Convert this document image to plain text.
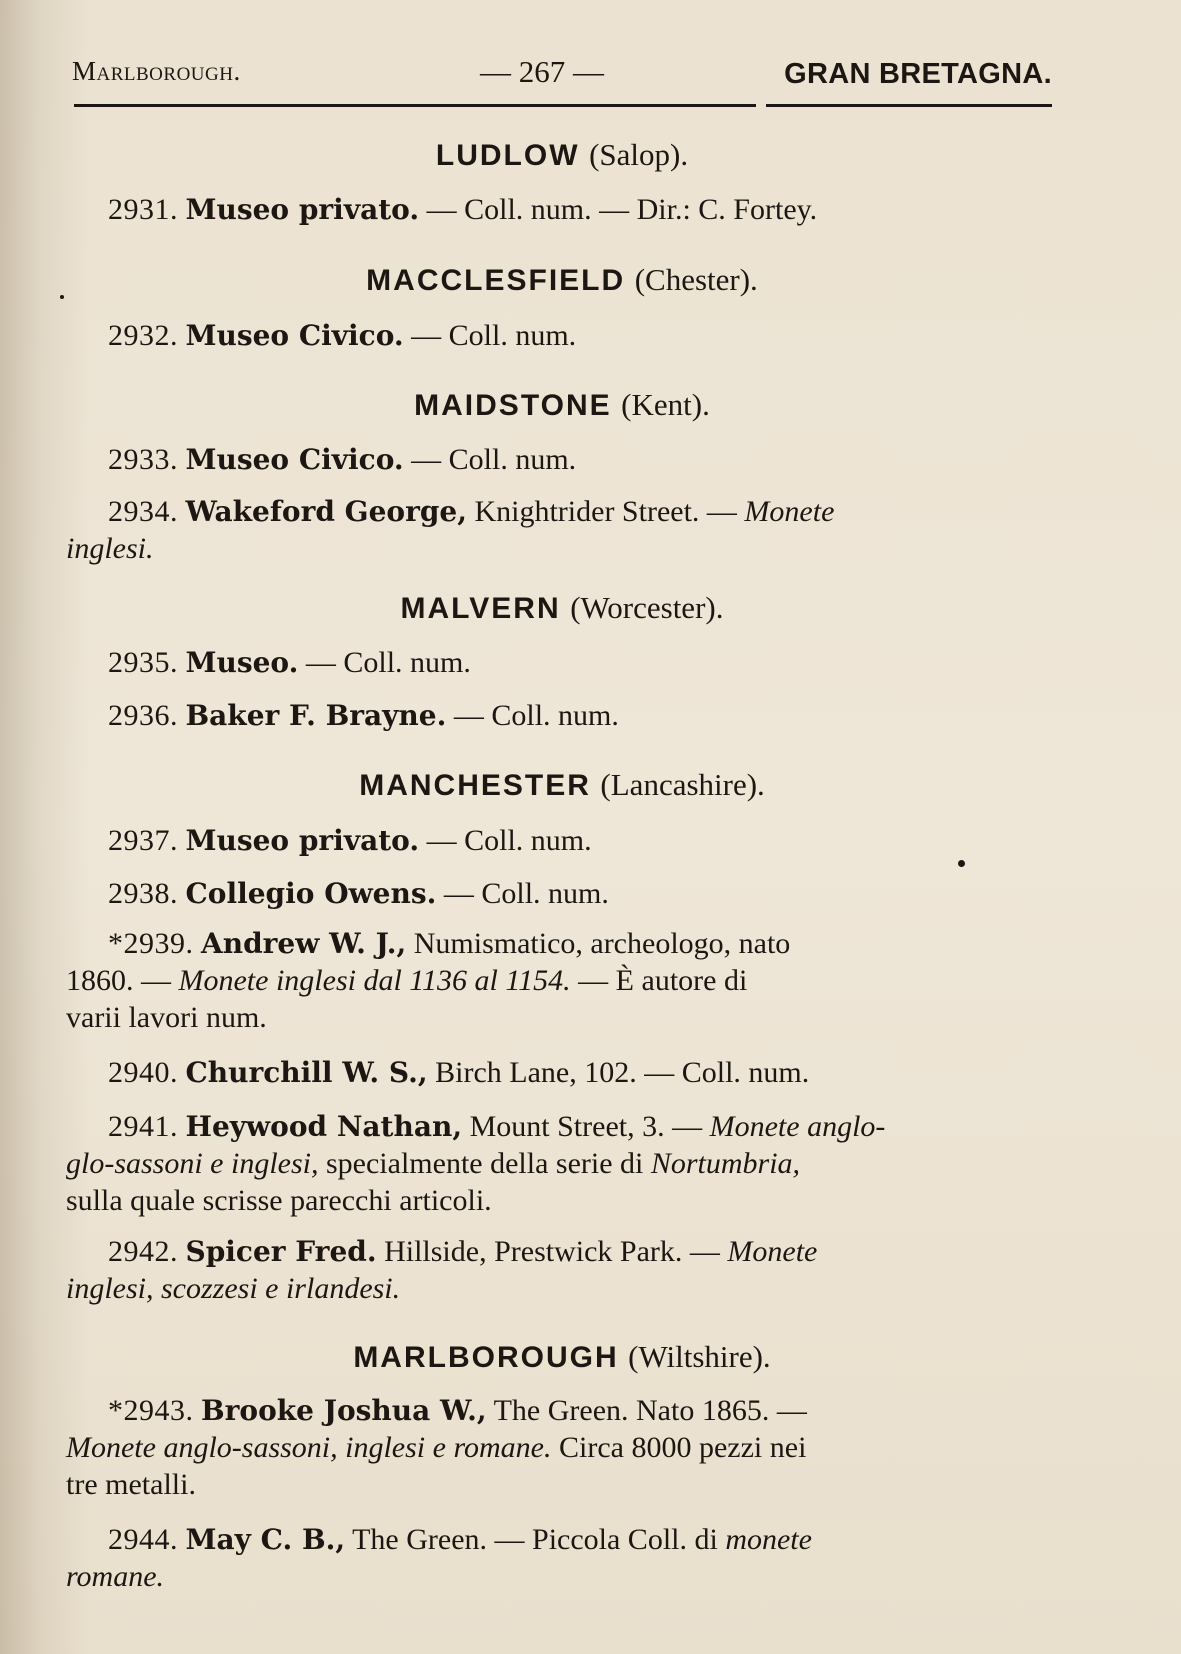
Marlborough.	— 267 —	GRAN BRETAGNA.
LUDLOW (Salop).
2931. Museo privato. — Coll. num. — Dir.: C. Fortey.
MACCLESFIELD (Chester).
2932. Museo Civico. — Coll. num.
MAIDSTONE (Kent).
2933. Museo Civico. — Coll. num.
2934. Wakeford George, Knightrider Street. — Monete
inglesi.
MALVERN (Worcester).
2935. Museo. — Coll. num.
2936. Baker F. Brayne. — Coll. num.
MANCHESTER (Lancashire).
2937. Museo privato. — Coll. num.
2938. Collegio Owens. — Coll. num.
*2939. Andrew W. J., Numismatico, archeologo, nato
1860. — Monete inglesi dal 1136 al 1154. — È autore di
varii lavori num.
2940. Churchill W. S., Birch Lane, 102. — Coll. num.
2941. Heywood Nathan, Mount Street, 3. — Monete anglo-
glo-sassoni e inglesi, specialmente della serie di Nortumbria,
sulla quale scrisse parecchi articoli.
2942. Spicer Fred. Hillside, Prestwick Park. — Monete
inglesi, scozzesi e irlandesi.
MARLBOROUGH (Wiltshire).
*2943. Brooke Joshua W., The Green. Nato 1865. —
Monete anglo-sassoni, inglesi e romane. Circa 8000 pezzi nei
tre metalli.
2944. May C. B., The Green. — Piccola Coll. di monete
romane.
